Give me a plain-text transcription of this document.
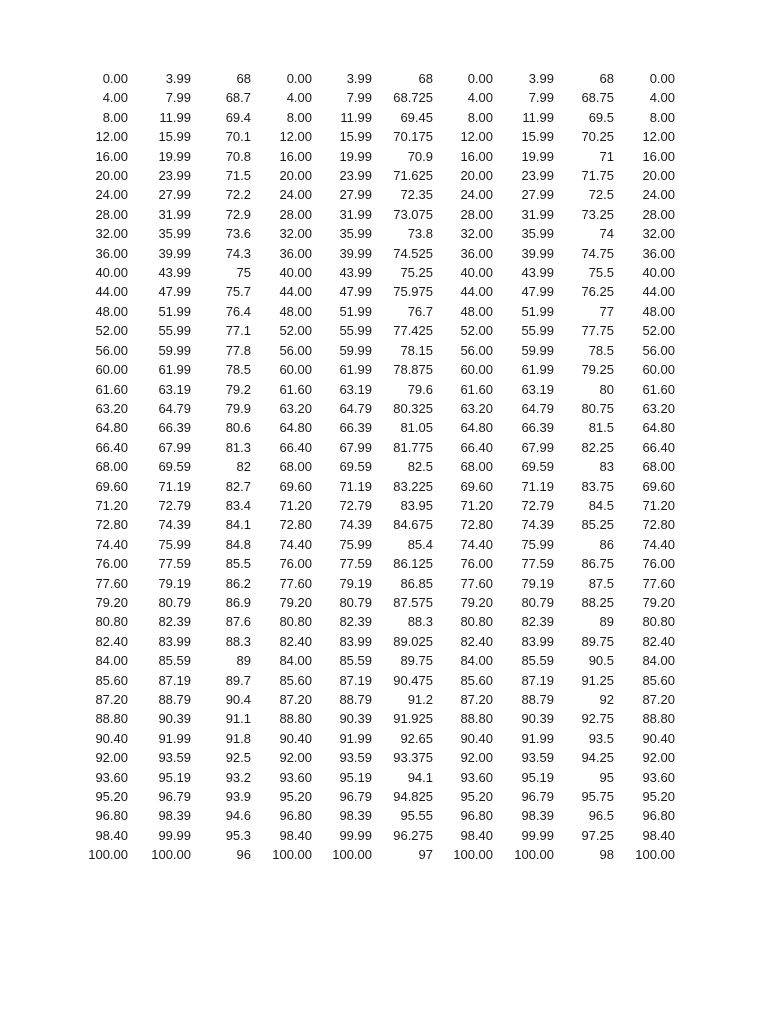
0.00	3.99	68	0.00	3.99	68	0.00	3.99	68	0.00
4.00	7.99	68.7	4.00	7.99	68.725	4.00	7.99	68.75	4.00
8.00	11.99	69.4	8.00	11.99	69.45	8.00	11.99	69.5	8.00
12.00	15.99	70.1	12.00	15.99	70.175	12.00	15.99	70.25	12.00
16.00	19.99	70.8	16.00	19.99	70.9	16.00	19.99	71	16.00
20.00	23.99	71.5	20.00	23.99	71.625	20.00	23.99	71.75	20.00
24.00	27.99	72.2	24.00	27.99	72.35	24.00	27.99	72.5	24.00
28.00	31.99	72.9	28.00	31.99	73.075	28.00	31.99	73.25	28.00
32.00	35.99	73.6	32.00	35.99	73.8	32.00	35.99	74	32.00
36.00	39.99	74.3	36.00	39.99	74.525	36.00	39.99	74.75	36.00
40.00	43.99	75	40.00	43.99	75.25	40.00	43.99	75.5	40.00
44.00	47.99	75.7	44.00	47.99	75.975	44.00	47.99	76.25	44.00
48.00	51.99	76.4	48.00	51.99	76.7	48.00	51.99	77	48.00
52.00	55.99	77.1	52.00	55.99	77.425	52.00	55.99	77.75	52.00
56.00	59.99	77.8	56.00	59.99	78.15	56.00	59.99	78.5	56.00
60.00	61.99	78.5	60.00	61.99	78.875	60.00	61.99	79.25	60.00
61.60	63.19	79.2	61.60	63.19	79.6	61.60	63.19	80	61.60
63.20	64.79	79.9	63.20	64.79	80.325	63.20	64.79	80.75	63.20
64.80	66.39	80.6	64.80	66.39	81.05	64.80	66.39	81.5	64.80
66.40	67.99	81.3	66.40	67.99	81.775	66.40	67.99	82.25	66.40
68.00	69.59	82	68.00	69.59	82.5	68.00	69.59	83	68.00
69.60	71.19	82.7	69.60	71.19	83.225	69.60	71.19	83.75	69.60
71.20	72.79	83.4	71.20	72.79	83.95	71.20	72.79	84.5	71.20
72.80	74.39	84.1	72.80	74.39	84.675	72.80	74.39	85.25	72.80
74.40	75.99	84.8	74.40	75.99	85.4	74.40	75.99	86	74.40
76.00	77.59	85.5	76.00	77.59	86.125	76.00	77.59	86.75	76.00
77.60	79.19	86.2	77.60	79.19	86.85	77.60	79.19	87.5	77.60
79.20	80.79	86.9	79.20	80.79	87.575	79.20	80.79	88.25	79.20
80.80	82.39	87.6	80.80	82.39	88.3	80.80	82.39	89	80.80
82.40	83.99	88.3	82.40	83.99	89.025	82.40	83.99	89.75	82.40
84.00	85.59	89	84.00	85.59	89.75	84.00	85.59	90.5	84.00
85.60	87.19	89.7	85.60	87.19	90.475	85.60	87.19	91.25	85.60
87.20	88.79	90.4	87.20	88.79	91.2	87.20	88.79	92	87.20
88.80	90.39	91.1	88.80	90.39	91.925	88.80	90.39	92.75	88.80
90.40	91.99	91.8	90.40	91.99	92.65	90.40	91.99	93.5	90.40
92.00	93.59	92.5	92.00	93.59	93.375	92.00	93.59	94.25	92.00
93.60	95.19	93.2	93.60	95.19	94.1	93.60	95.19	95	93.60
95.20	96.79	93.9	95.20	96.79	94.825	95.20	96.79	95.75	95.20
96.80	98.39	94.6	96.80	98.39	95.55	96.80	98.39	96.5	96.80
98.40	99.99	95.3	98.40	99.99	96.275	98.40	99.99	97.25	98.40
100.00	100.00	96	100.00	100.00	97	100.00	100.00	98	100.00
